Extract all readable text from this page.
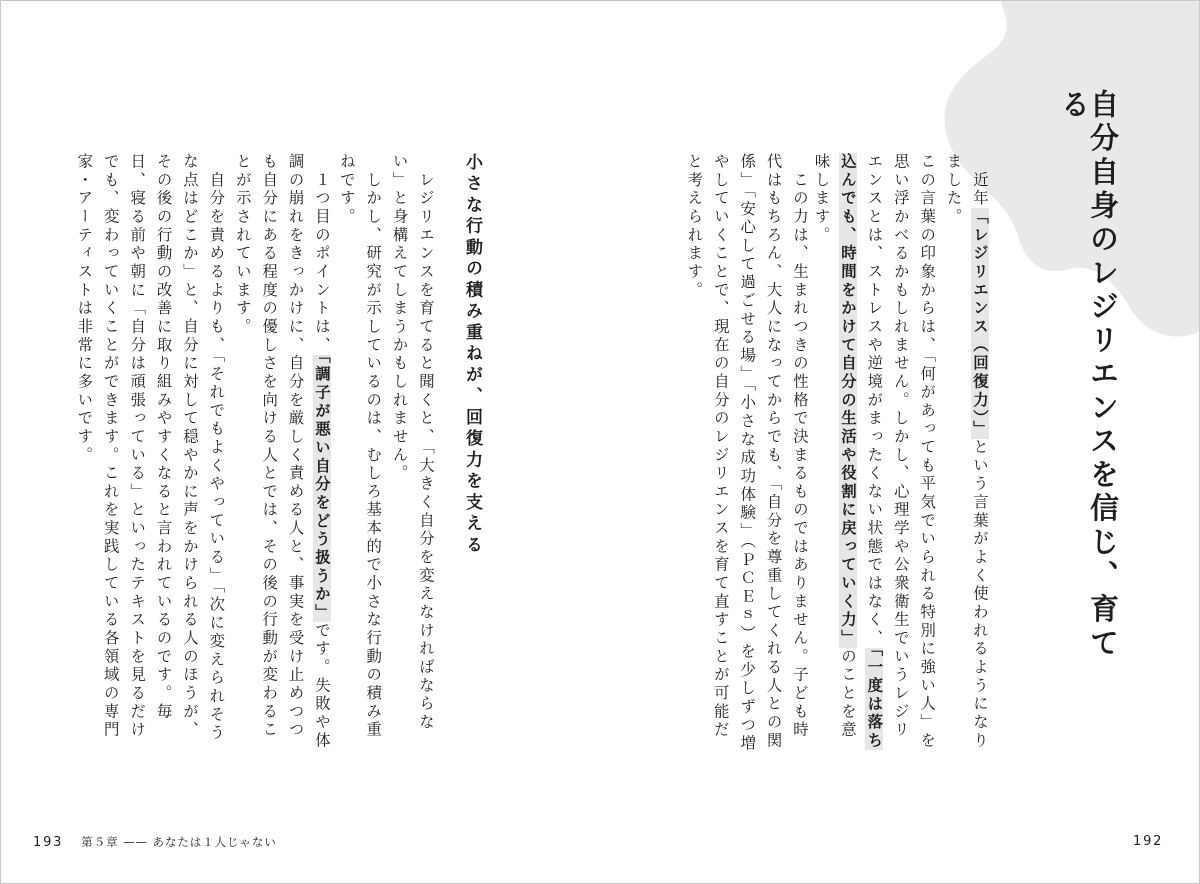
自分自身のレジリエンスを信じ、育てる

　近年「レジリエンス（回復力）」という言葉がよく使われるようになりました。
この言葉の印象からは、「何があっても平気でいられる特別に強い人」を思い浮かべるかもしれません。しかし、心理学や公衆衛生でいうレジリエンスとは、ストレスや逆境がまったくない状態ではなく、「一度は落ち込んでも、時間をかけて自分の生活や役割に戻っていく力」のことを意味します。

　この力は、生まれつきの性格で決まるものではありません。子ども時代はもちろん、大人になってからでも、「自分を尊重してくれる人との関係」「安心して過ごせる場」「小さな成功体験」（ＰＣＥｓ）を少しずつ増やしていくことで、現在の自分のレジリエンスを育て直すことが可能だと考えられます。

小さな行動の積み重ねが、回復力を支える

　レジリエンスを育てると聞くと、「大きく自分を変えなければならない」と身構えてしまうかもしれません。
　しかし、研究が示しているのは、むしろ基本的で小さな行動の積み重ねです。

　１つ目のポイントは、「調子が悪い自分をどう扱うか」です。失敗や体調の崩れをきっかけに、自分を厳しく責める人と、事実を受け止めつつも自分にある程度の優しさを向ける人とでは、その後の行動が変わることが示されています。
　自分を責めるよりも、「それでもよくやっている」「次に変えられそうな点はどこか」と、自分に対して穏やかに声をかけられる人のほうが、その後の行動の改善に取り組みやすくなると言われているのです。毎日、寝る前や朝に「自分は頑張っている」といったテキストを見るだけでも、変わっていくことができます。これを実践している各領域の専門家・アーティストは非常に多いです。

193 第５章 —— あなたは１人じゃない	192
